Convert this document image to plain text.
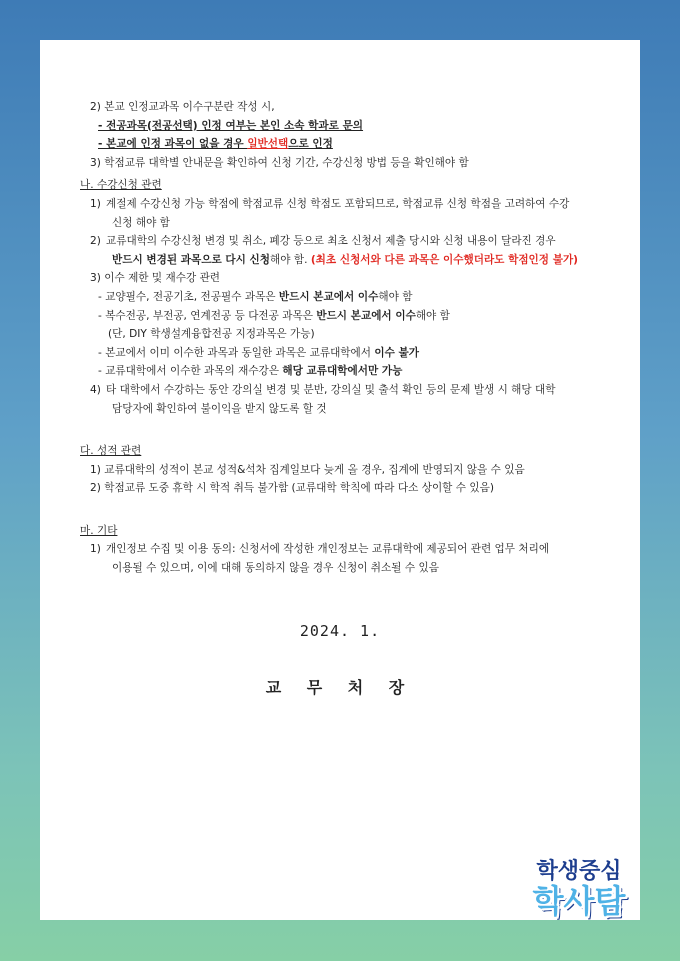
2) 본교 인정교과목 이수구분란 작성 시,
- 전공과목(전공선택) 인정 여부는 본인 소속 학과로 문의
- 본교에 인정 과목이 없을 경우 일반선택으로 인정
3) 학점교류 대학별 안내문을 확인하여 신청 기간, 수강신청 방법 등을 확인해야 함
나. 수강신청 관련
1) 계절제 수강신청 가능 학점에 학점교류 신청 학점도 포함되므로, 학점교류 신청 학점을 고려하여 수강
신청 해야 함
2) 교류대학의 수강신청 변경 및 취소, 폐강 등으로 최초 신청서 제출 당시와 신청 내용이 달라진 경우
반드시 변경된 과목으로 다시 신청해야 함. (최초 신청서와 다른 과목은 이수했더라도 학점인정 불가)
3) 이수 제한 및 재수강 관련
- 교양필수, 전공기초, 전공필수 과목은 반드시 본교에서 이수해야 함
- 복수전공, 부전공, 연계전공 등 다전공 과목은 반드시 본교에서 이수해야 함
(단, DIY 학생설계융합전공 지정과목은 가능)
- 본교에서 이미 이수한 과목과 동일한 과목은 교류대학에서 이수 불가
- 교류대학에서 이수한 과목의 재수강은 해당 교류대학에서만 가능
4) 타 대학에서 수강하는 동안 강의실 변경 및 분반, 강의실 및 출석 확인 등의 문제 발생 시 해당 대학
담당자에 확인하여 불이익을 받지 않도록 할 것
다. 성적 관련
1) 교류대학의 성적이 본교 성적&석차 집계일보다 늦게 올 경우, 집계에 반영되지 않을 수 있음
2) 학점교류 도중 휴학 시 학적 취득 불가함 (교류대학 학칙에 따라 다소 상이할 수 있음)
마. 기타
1) 개인정보 수집 및 이용 동의: 신청서에 작성한 개인정보는 교류대학에 제공되어 관련 업무 처리에
이용될 수 있으며, 이에 대해 동의하지 않을 경우 신청이 취소될 수 있음
2024. 1.
교 무 처 장
학생중심
학사탐
